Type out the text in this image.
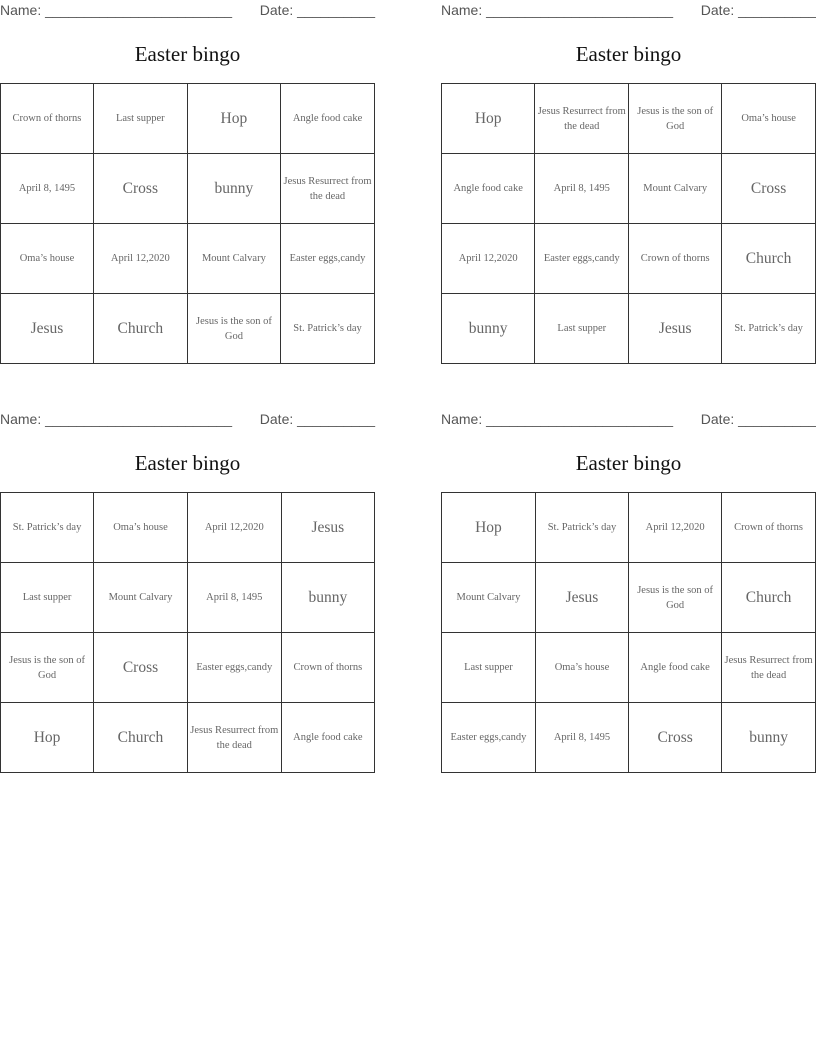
Name: ________________________ Date: __________
Easter bingo
Crown of thorns	Last supper	Hop	Angle food cake
April 8, 1495	Cross	bunny	Jesus Resurrect from the dead
Oma’s house	April 12,2020	Mount Calvary	Easter eggs,candy
Jesus	Church	Jesus is the son of God	St. Patrick’s day
Name: ________________________ Date: __________
Easter bingo
Hop	Jesus Resurrect from the dead	Jesus is the son of God	Oma’s house
Angle food cake	April 8, 1495	Mount Calvary	Cross
April 12,2020	Easter eggs,candy	Crown of thorns	Church
bunny	Last supper	Jesus	St. Patrick’s day
Name: ________________________ Date: __________
Easter bingo
St. Patrick’s day	Oma’s house	April 12,2020	Jesus
Last supper	Mount Calvary	April 8, 1495	bunny
Jesus is the son of God	Cross	Easter eggs,candy	Crown of thorns
Hop	Church	Jesus Resurrect from the dead	Angle food cake
Name: ________________________ Date: __________
Easter bingo
Hop	St. Patrick’s day	April 12,2020	Crown of thorns
Mount Calvary	Jesus	Jesus is the son of God	Church
Last supper	Oma’s house	Angle food cake	Jesus Resurrect from the dead
Easter eggs,candy	April 8, 1495	Cross	bunny
